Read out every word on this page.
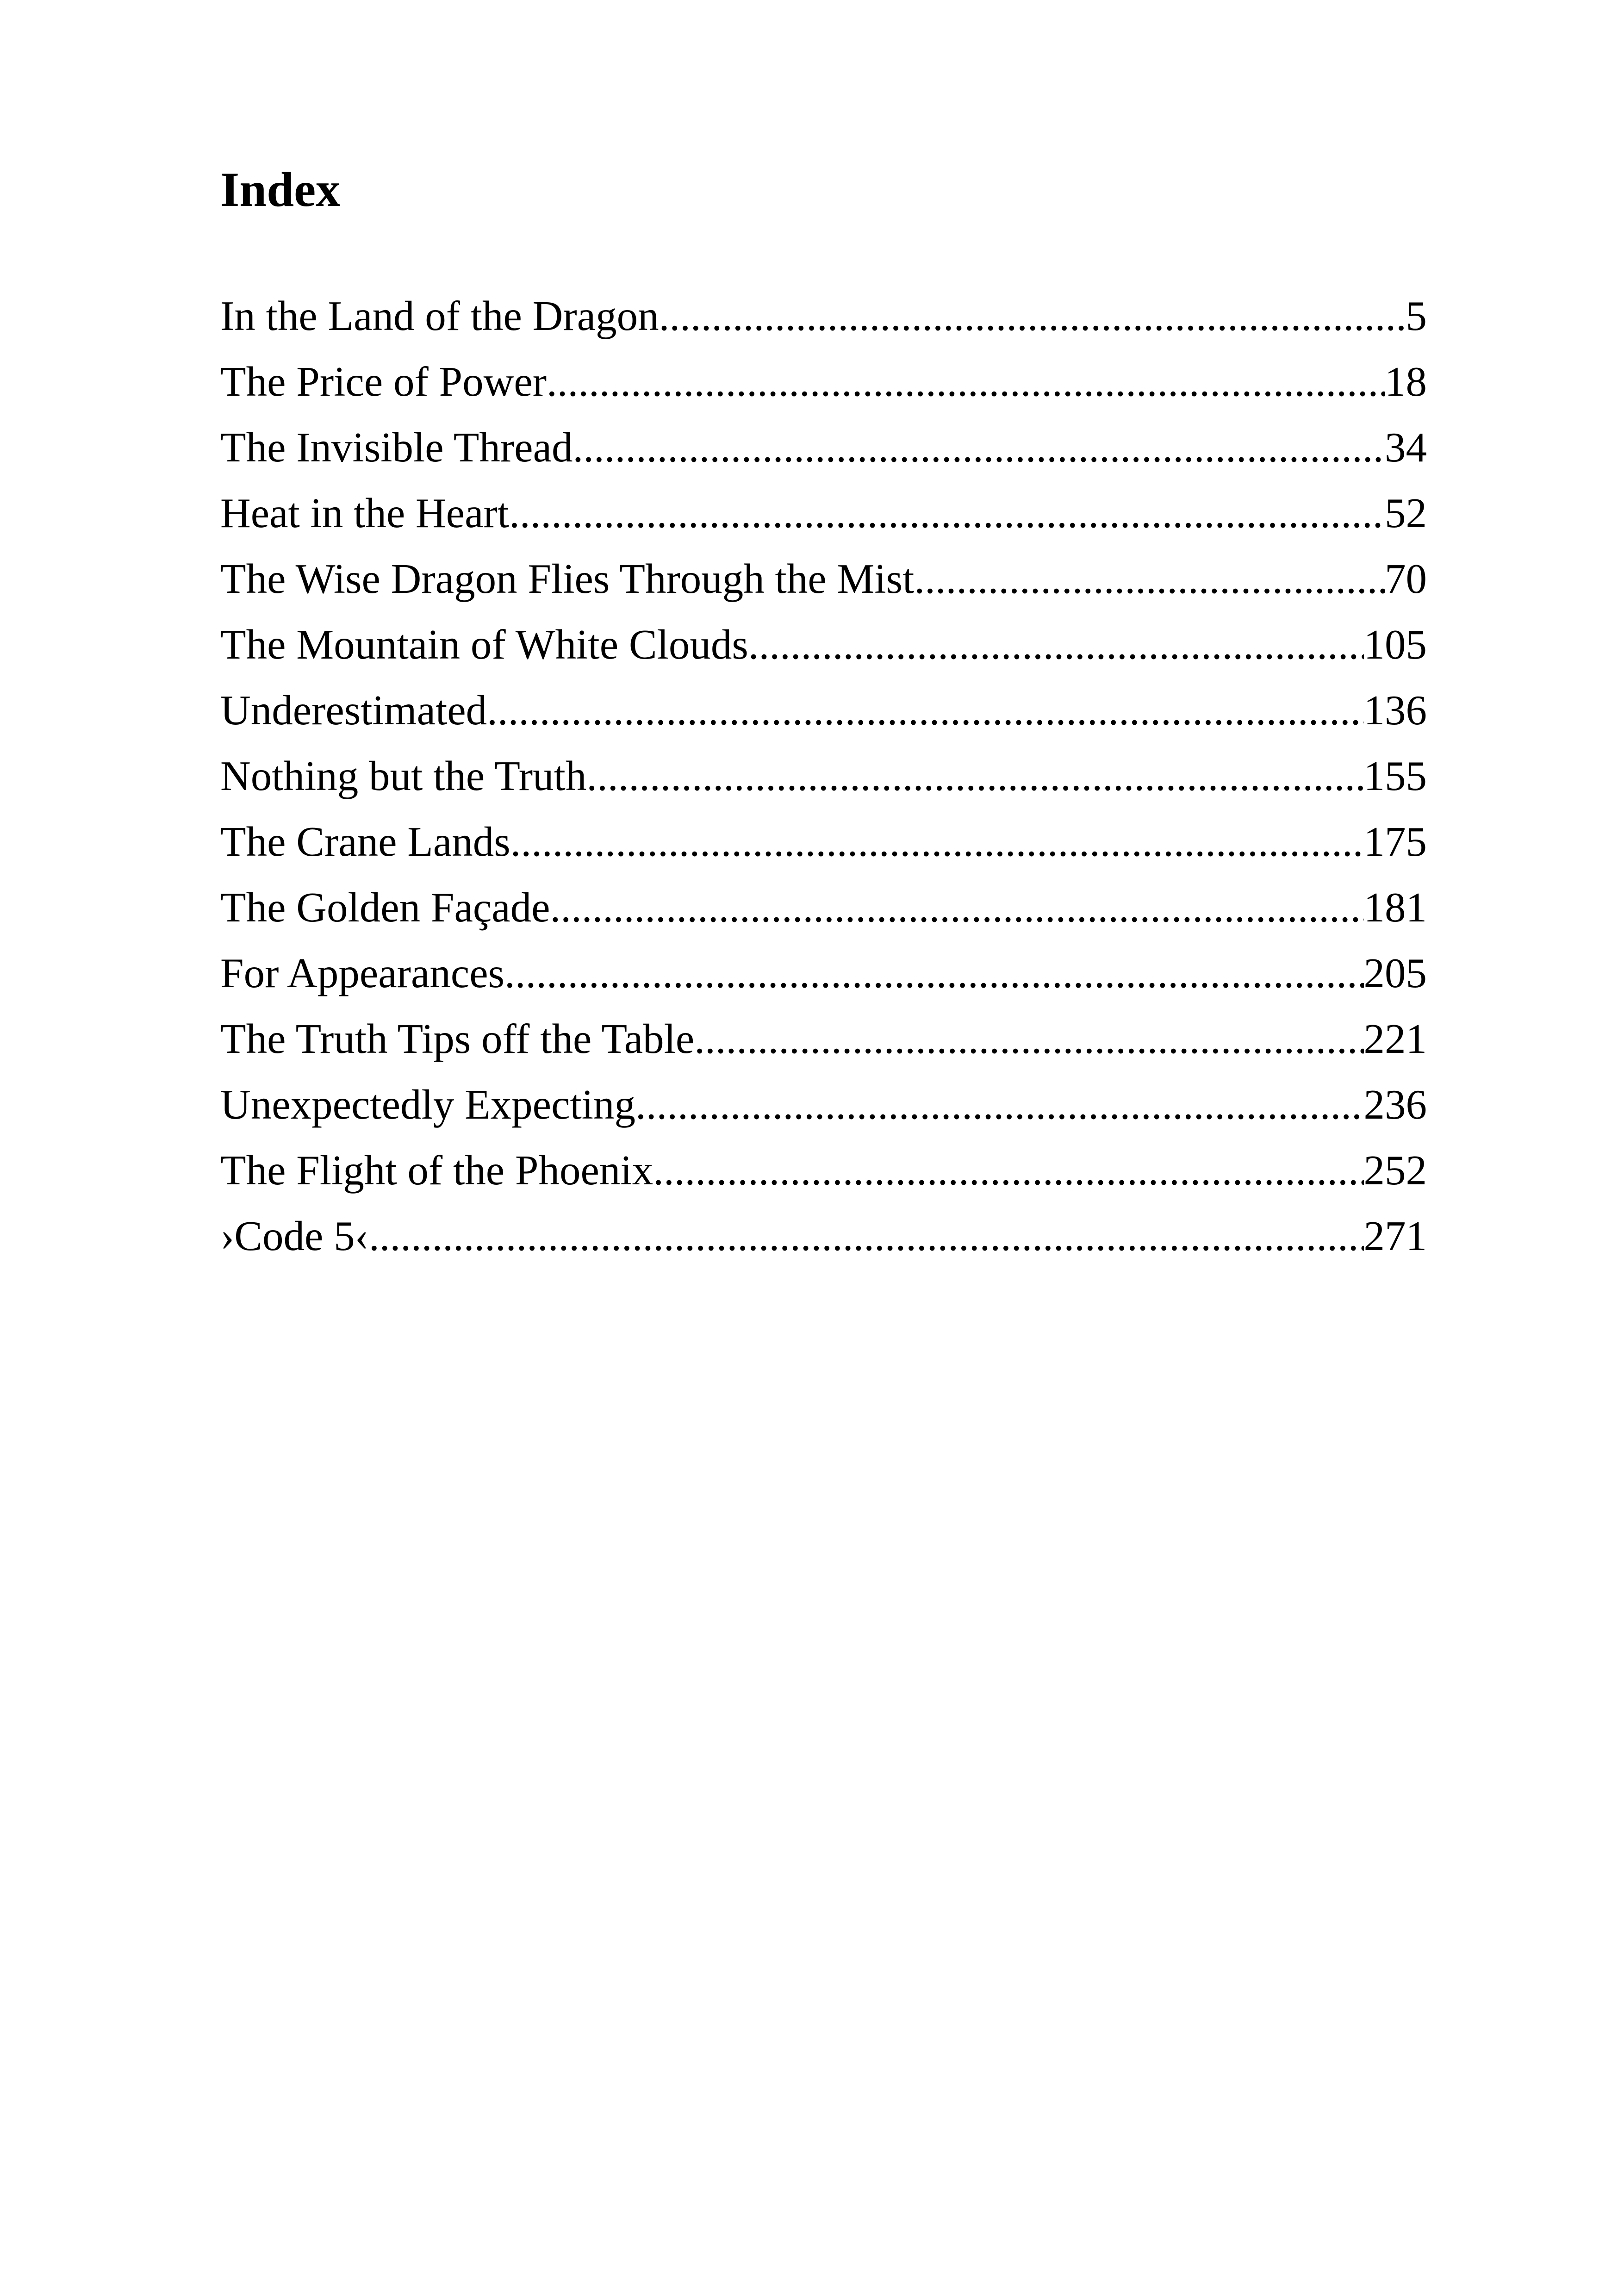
Index
In the Land of the Dragon .....	5
The Price of Power .....	18
The Invisible Thread .....	34
Heat in the Heart .....	52
The Wise Dragon Flies Through the Mist .....	70
The Mountain of White Clouds .....	105
Underestimated .....	136
Nothing but the Truth .....	155
The Crane Lands .....	175
The Golden Façade .....	181
For Appearances .....	205
The Truth Tips off the Table .....	221
Unexpectedly Expecting .....	236
The Flight of the Phoenix .....	252
›Code 5‹ .....	271
